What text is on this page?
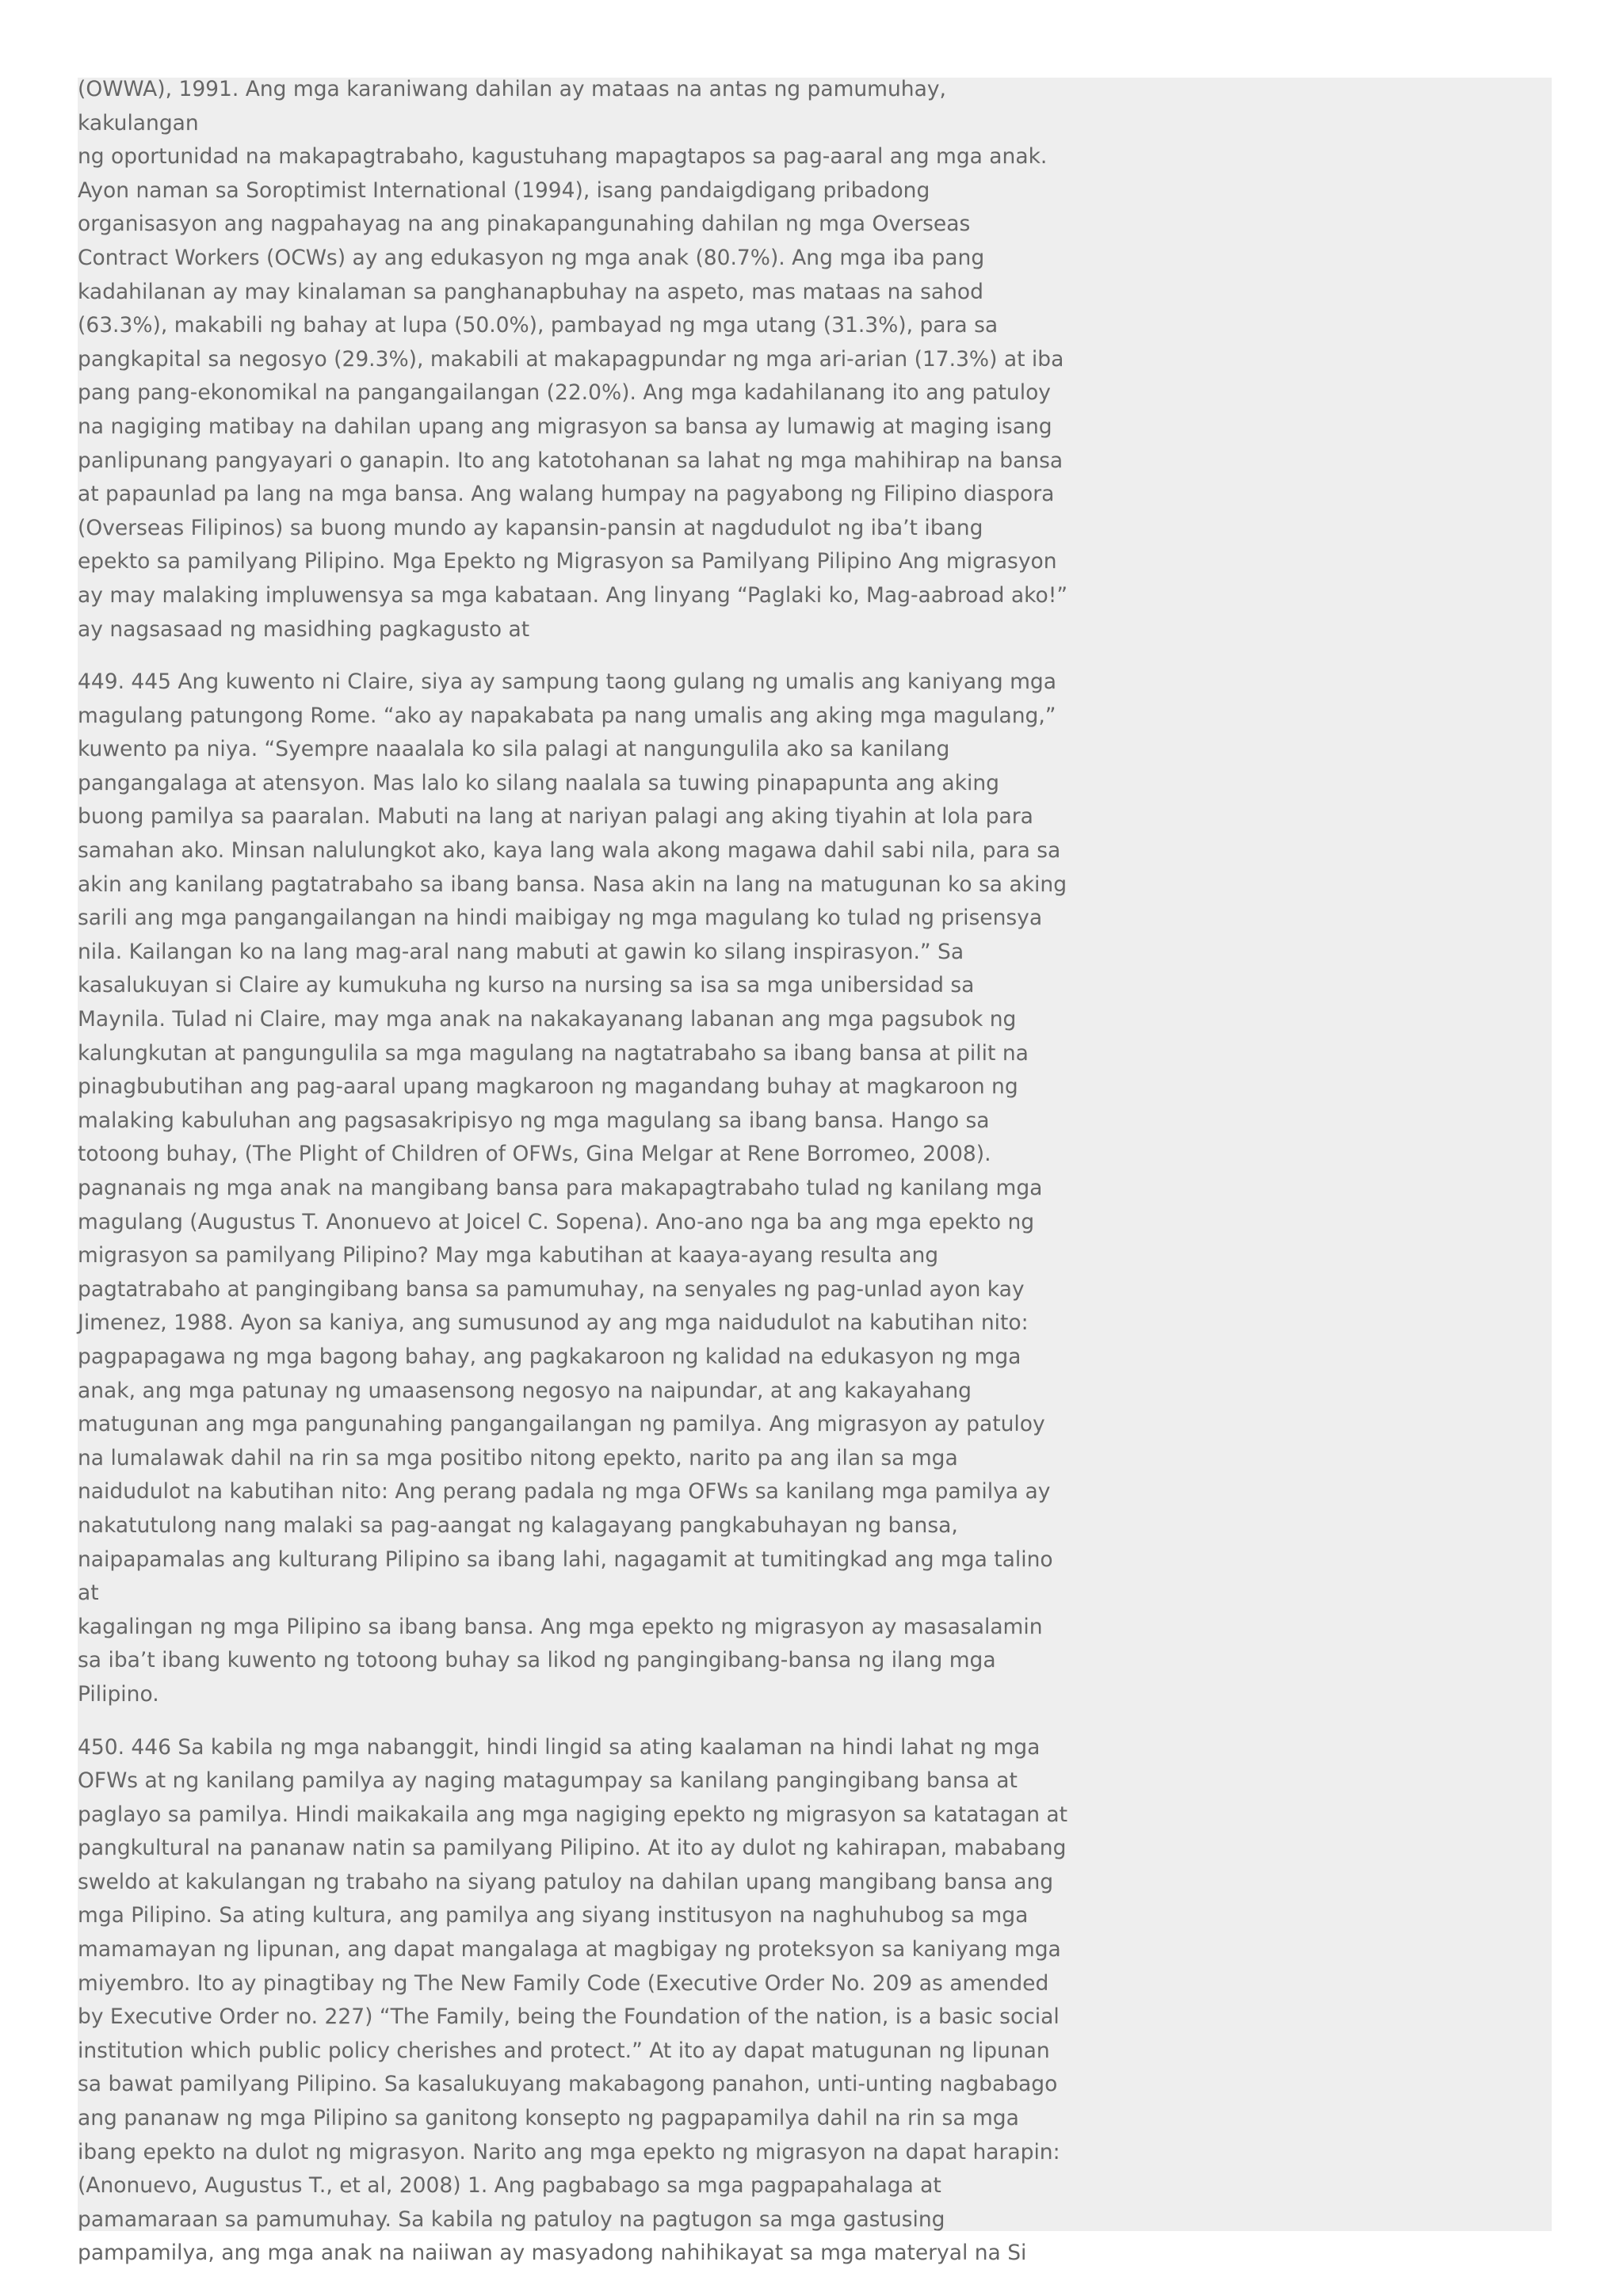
(OWWA), 1991. Ang mga karaniwang dahilan ay mataas na antas ng pamumuhay, kakulangan
ng oportunidad na makapagtrabaho, kagustuhang mapagtapos sa pag-aaral ang mga anak.
Ayon naman sa Soroptimist International (1994), isang pandaigdigang pribadong
organisasyon ang nagpahayag na ang pinakapangunahing dahilan ng mga Overseas
Contract Workers (OCWs) ay ang edukasyon ng mga anak (80.7%). Ang mga iba pang
kadahilanan ay may kinalaman sa panghanapbuhay na aspeto, mas mataas na sahod
(63.3%), makabili ng bahay at lupa (50.0%), pambayad ng mga utang (31.3%), para sa
pangkapital sa negosyo (29.3%), makabili at makapagpundar ng mga ari-arian (17.3%) at iba
pang pang-ekonomikal na pangangailangan (22.0%). Ang mga kadahilanang ito ang patuloy
na nagiging matibay na dahilan upang ang migrasyon sa bansa ay lumawig at maging isang
panlipunang pangyayari o ganapin. Ito ang katotohanan sa lahat ng mga mahihirap na bansa
at papaunlad pa lang na mga bansa. Ang walang humpay na pagyabong ng Filipino diaspora
(Overseas Filipinos) sa buong mundo ay kapansin-pansin at nagdudulot ng iba’t ibang
epekto sa pamilyang Pilipino. Mga Epekto ng Migrasyon sa Pamilyang Pilipino Ang migrasyon
ay may malaking impluwensya sa mga kabataan. Ang linyang “Paglaki ko, Mag-aabroad ako!”
ay nagsasaad ng masidhing pagkagusto at

449. 445 Ang kuwento ni Claire, siya ay sampung taong gulang ng umalis ang kaniyang mga
magulang patungong Rome. “ako ay napakabata pa nang umalis ang aking mga magulang,”
kuwento pa niya. “Syempre naaalala ko sila palagi at nangungulila ako sa kanilang
pangangalaga at atensyon. Mas lalo ko silang naalala sa tuwing pinapapunta ang aking
buong pamilya sa paaralan. Mabuti na lang at nariyan palagi ang aking tiyahin at lola para
samahan ako. Minsan nalulungkot ako, kaya lang wala akong magawa dahil sabi nila, para sa
akin ang kanilang pagtatrabaho sa ibang bansa. Nasa akin na lang na matugunan ko sa aking
sarili ang mga pangangailangan na hindi maibigay ng mga magulang ko tulad ng prisensya
nila. Kailangan ko na lang mag-aral nang mabuti at gawin ko silang inspirasyon.” Sa
kasalukuyan si Claire ay kumukuha ng kurso na nursing sa isa sa mga unibersidad sa
Maynila. Tulad ni Claire, may mga anak na nakakayanang labanan ang mga pagsubok ng
kalungkutan at pangungulila sa mga magulang na nagtatrabaho sa ibang bansa at pilit na
pinagbubutihan ang pag-aaral upang magkaroon ng magandang buhay at magkaroon ng
malaking kabuluhan ang pagsasakripisyo ng mga magulang sa ibang bansa. Hango sa
totoong buhay, (The Plight of Children of OFWs, Gina Melgar at Rene Borromeo, 2008).
pagnanais ng mga anak na mangibang bansa para makapagtrabaho tulad ng kanilang mga
magulang (Augustus T. Anonuevo at Joicel C. Sopena). Ano-ano nga ba ang mga epekto ng
migrasyon sa pamilyang Pilipino? May mga kabutihan at kaaya-ayang resulta ang
pagtatrabaho at pangingibang bansa sa pamumuhay, na senyales ng pag-unlad ayon kay
Jimenez, 1988. Ayon sa kaniya, ang sumusunod ay ang mga naidudulot na kabutihan nito:
pagpapagawa ng mga bagong bahay, ang pagkakaroon ng kalidad na edukasyon ng mga
anak, ang mga patunay ng umaasensong negosyo na naipundar, at ang kakayahang
matugunan ang mga pangunahing pangangailangan ng pamilya. Ang migrasyon ay patuloy
na lumalawak dahil na rin sa mga positibo nitong epekto, narito pa ang ilan sa mga
naidudulot na kabutihan nito: Ang perang padala ng mga OFWs sa kanilang mga pamilya ay
nakatutulong nang malaki sa pag-aangat ng kalagayang pangkabuhayan ng bansa,
naipapamalas ang kulturang Pilipino sa ibang lahi, nagagamit at tumitingkad ang mga talino at
kagalingan ng mga Pilipino sa ibang bansa. Ang mga epekto ng migrasyon ay masasalamin
sa iba’t ibang kuwento ng totoong buhay sa likod ng pangingibang-bansa ng ilang mga
Pilipino.

450. 446 Sa kabila ng mga nabanggit, hindi lingid sa ating kaalaman na hindi lahat ng mga
OFWs at ng kanilang pamilya ay naging matagumpay sa kanilang pangingibang bansa at
paglayo sa pamilya. Hindi maikakaila ang mga nagiging epekto ng migrasyon sa katatagan at
pangkultural na pananaw natin sa pamilyang Pilipino. At ito ay dulot ng kahirapan, mababang
sweldo at kakulangan ng trabaho na siyang patuloy na dahilan upang mangibang bansa ang
mga Pilipino. Sa ating kultura, ang pamilya ang siyang institusyon na naghuhubog sa mga
mamamayan ng lipunan, ang dapat mangalaga at magbigay ng proteksyon sa kaniyang mga
miyembro. Ito ay pinagtibay ng The New Family Code (Executive Order No. 209 as amended
by Executive Order no. 227) “The Family, being the Foundation of the nation, is a basic social
institution which public policy cherishes and protect.” At ito ay dapat matugunan ng lipunan
sa bawat pamilyang Pilipino. Sa kasalukuyang makabagong panahon, unti-unting nagbabago
ang pananaw ng mga Pilipino sa ganitong konsepto ng pagpapamilya dahil na rin sa mga
ibang epekto na dulot ng migrasyon. Narito ang mga epekto ng migrasyon na dapat harapin:
(Anonuevo, Augustus T., et al, 2008) 1. Ang pagbabago sa mga pagpapahalaga at
pamamaraan sa pamumuhay. Sa kabila ng patuloy na pagtugon sa mga gastusing
pampamilya, ang mga anak na naiiwan ay masyadong nahihikayat sa mga materyal na Si
